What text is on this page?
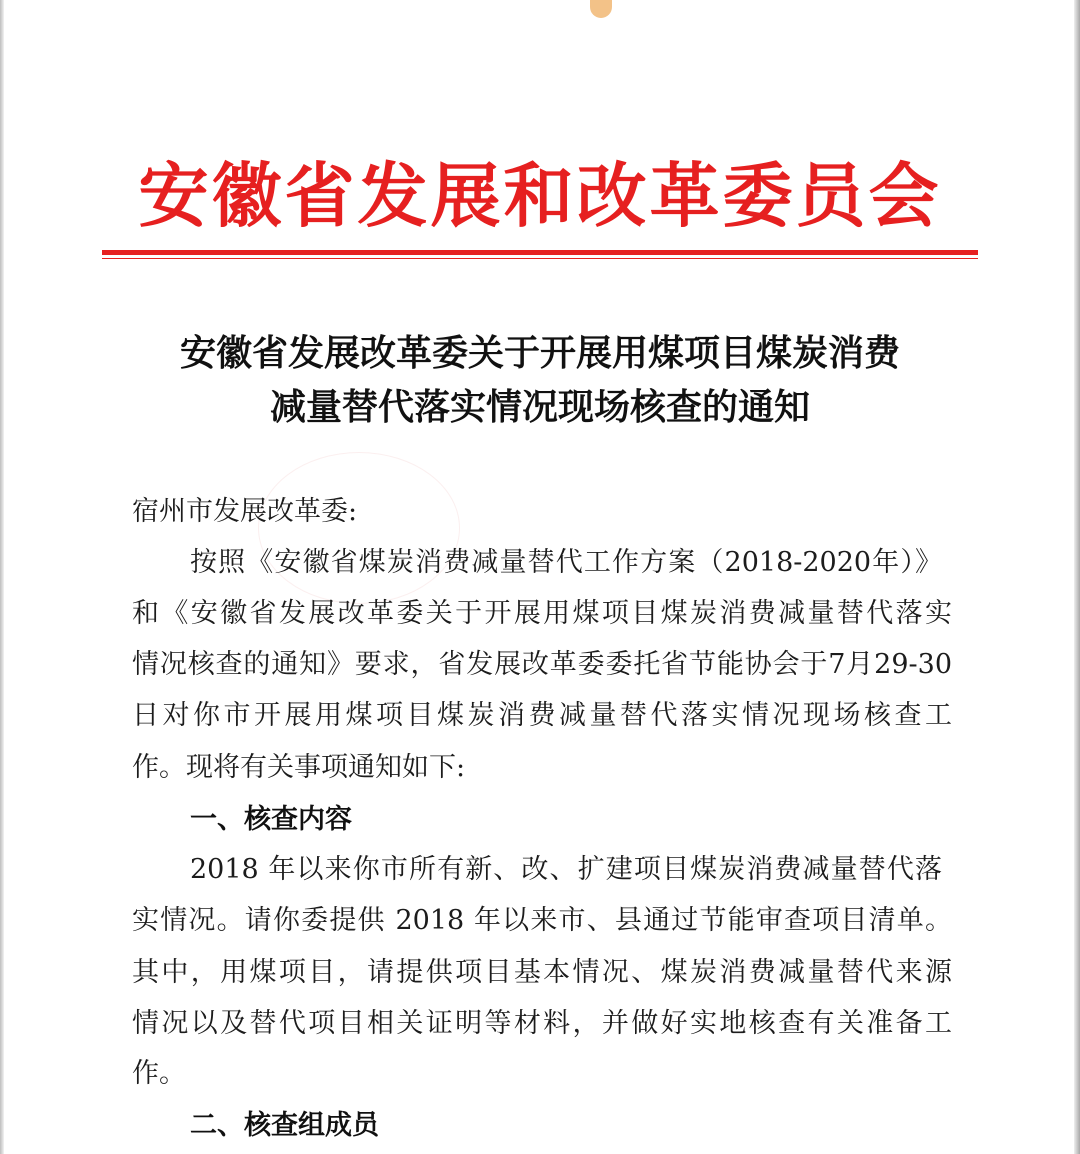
安徽省发展和改革委员会
安徽省发展改革委关于开展用煤项目煤炭消费
减量替代落实情况现场核查的通知
宿州市发展改革委:
按照《安徽省煤炭消费减量替代工作方案（2018-2020年）》
和《安徽省发展改革委关于开展用煤项目煤炭消费减量替代落实
情况核查的通知》要求，省发展改革委委托省节能协会于7月29-30
日对你市开展用煤项目煤炭消费减量替代落实情况现场核查工
作。现将有关事项通知如下:
一、核查内容
2018 年以来你市所有新、改、扩建项目煤炭消费减量替代落
实情况。请你委提供 2018 年以来市、县通过节能审查项目清单。
其中，用煤项目，请提供项目基本情况、煤炭消费减量替代来源
情况以及替代项目相关证明等材料，并做好实地核查有关准备工
作。
二、核查组成员
